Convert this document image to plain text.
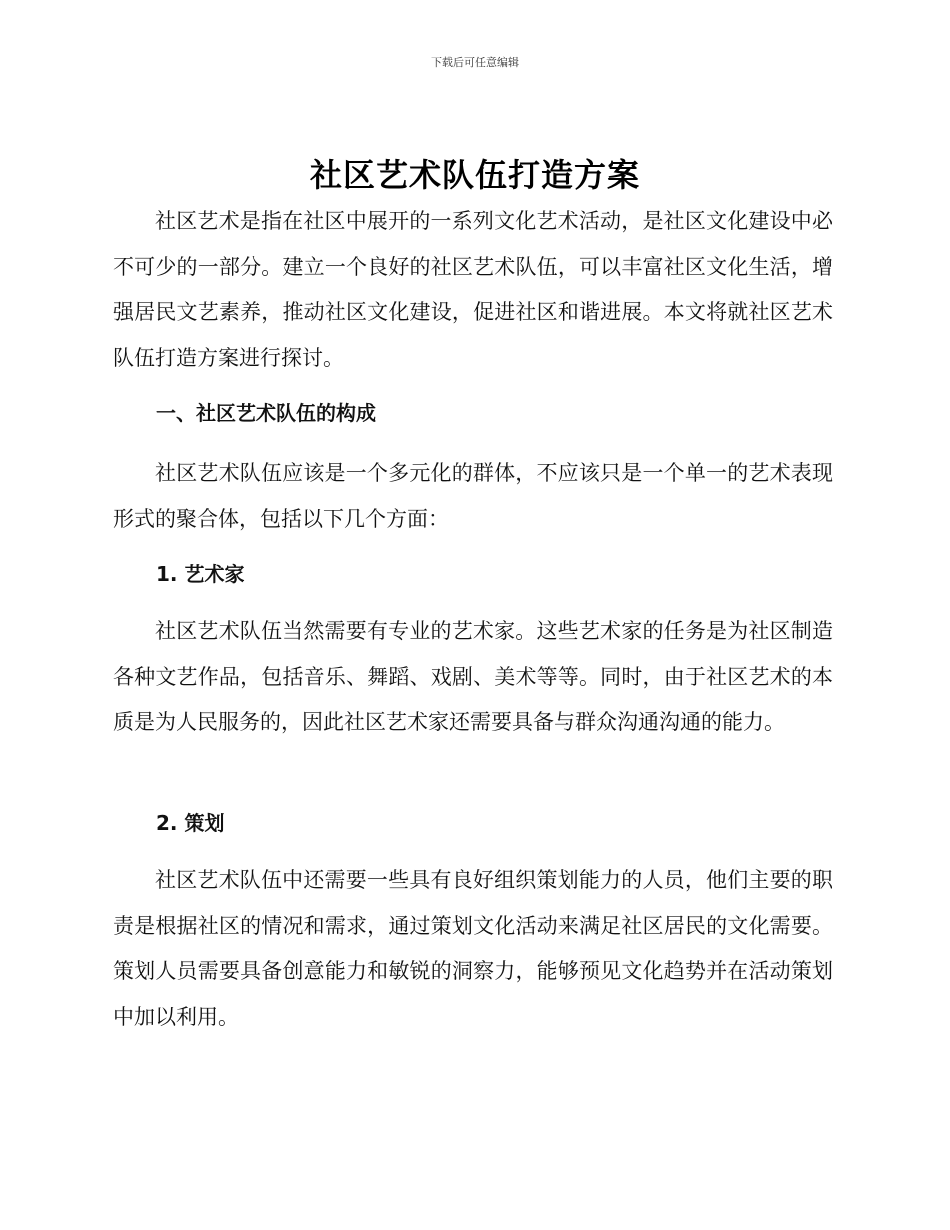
下载后可任意编辑
社区艺术队伍打造方案

社区艺术是指在社区中展开的一系列文化艺术活动，是社区文化建设中必不可少的一部分。建立一个良好的社区艺术队伍，可以丰富社区文化生活，增强居民文艺素养，推动社区文化建设，促进社区和谐进展。本文将就社区艺术队伍打造方案进行探讨。

一、社区艺术队伍的构成

社区艺术队伍应该是一个多元化的群体，不应该只是一个单一的艺术表现形式的聚合体，包括以下几个方面：

1. 艺术家

社区艺术队伍当然需要有专业的艺术家。这些艺术家的任务是为社区制造各种文艺作品，包括音乐、舞蹈、戏剧、美术等等。同时，由于社区艺术的本质是为人民服务的，因此社区艺术家还需要具备与群众沟通沟通的能力。

2. 策划

社区艺术队伍中还需要一些具有良好组织策划能力的人员，他们主要的职责是根据社区的情况和需求，通过策划文化活动来满足社区居民的文化需要。策划人员需要具备创意能力和敏锐的洞察力，能够预见文化趋势并在活动策划中加以利用。
